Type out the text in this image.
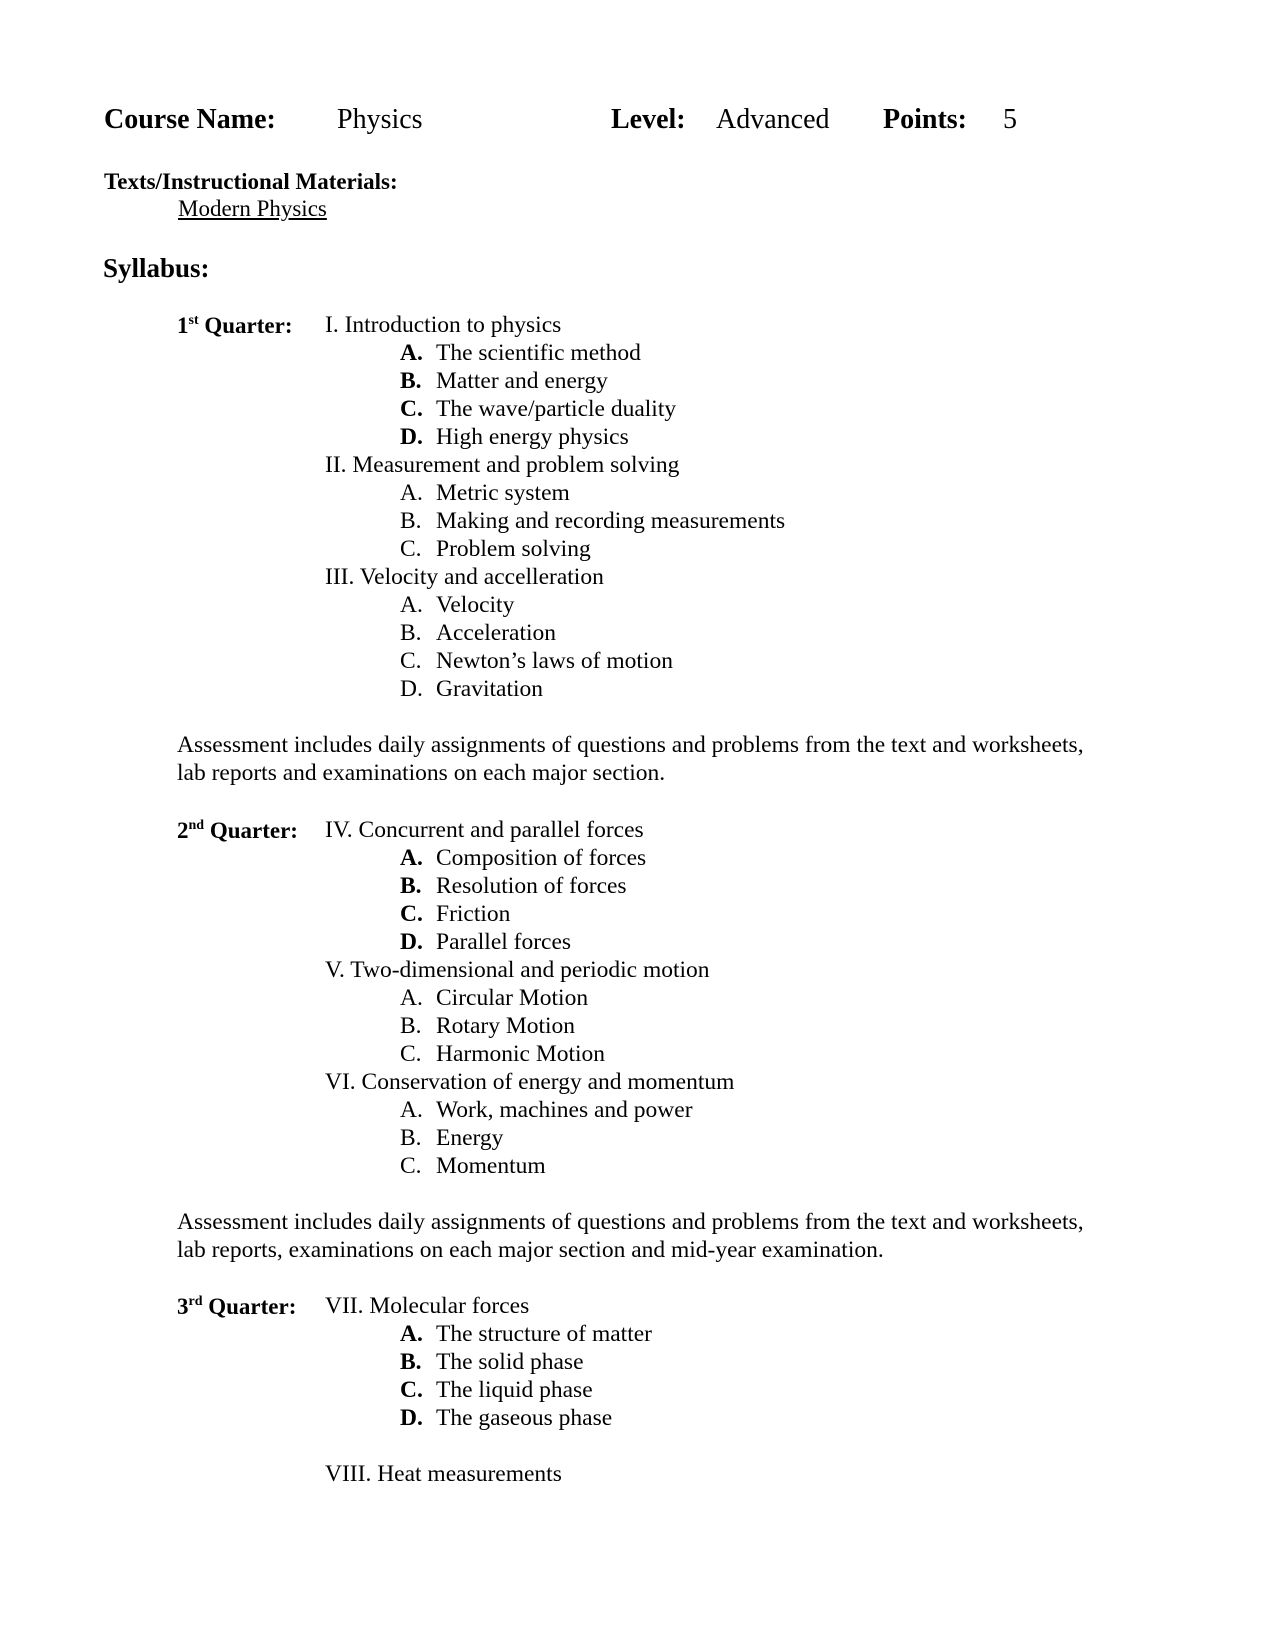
Course Name: Physics	Level: Advanced Points: 5
Texts/Instructional Materials:
Modern Physics
Syllabus:
1st Quarter: I. Introduction to physics
A. The scientific method
B. Matter and energy
C. The wave/particle duality
D. High energy physics
II. Measurement and problem solving
A. Metric system
B. Making and recording measurements
C. Problem solving
III. Velocity and accelleration
A. Velocity
B. Acceleration
C. Newton’s laws of motion
D. Gravitation
Assessment includes daily assignments of questions and problems from the text and worksheets,
lab reports and examinations on each major section.
2nd Quarter: IV. Concurrent and parallel forces
A. Composition of forces
B. Resolution of forces
C. Friction
D. Parallel forces
V. Two-dimensional and periodic motion
A. Circular Motion
B. Rotary Motion
C. Harmonic Motion
VI. Conservation of energy and momentum
A. Work, machines and power
B. Energy
C. Momentum
Assessment includes daily assignments of questions and problems from the text and worksheets,
lab reports, examinations on each major section and mid-year examination.
3rd Quarter: VII. Molecular forces
A. The structure of matter
B. The solid phase
C. The liquid phase
D. The gaseous phase
VIII. Heat measurements
